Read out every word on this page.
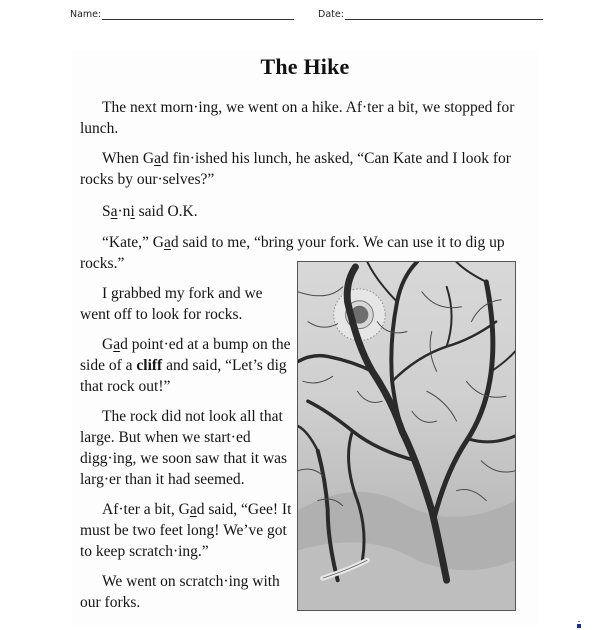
Name:	Date:
The Hike

The next morn·ing, we went on a hike. Af·ter a bit, we stopped for lunch.

When Gad fin·ished his lunch, he asked, “Can Kate and I look for rocks by our·selves?”

Sa·ni said O.K.

“Kate,” Gad said to me, “bring your fork. We can use it to dig up rocks.”

I grabbed my fork and we went off to look for rocks.

Gad point·ed at a bump on the side of a cliff and said, “Let’s dig that rock out!”

The rock did not look all that large. But when we start·ed digg·ing, we soon saw that it was larg·er than it had seemed.

Af·ter a bit, Gad said, “Gee! It must be two feet long! We’ve got to keep scratch·ing.”

We went on scratch·ing with our forks.
